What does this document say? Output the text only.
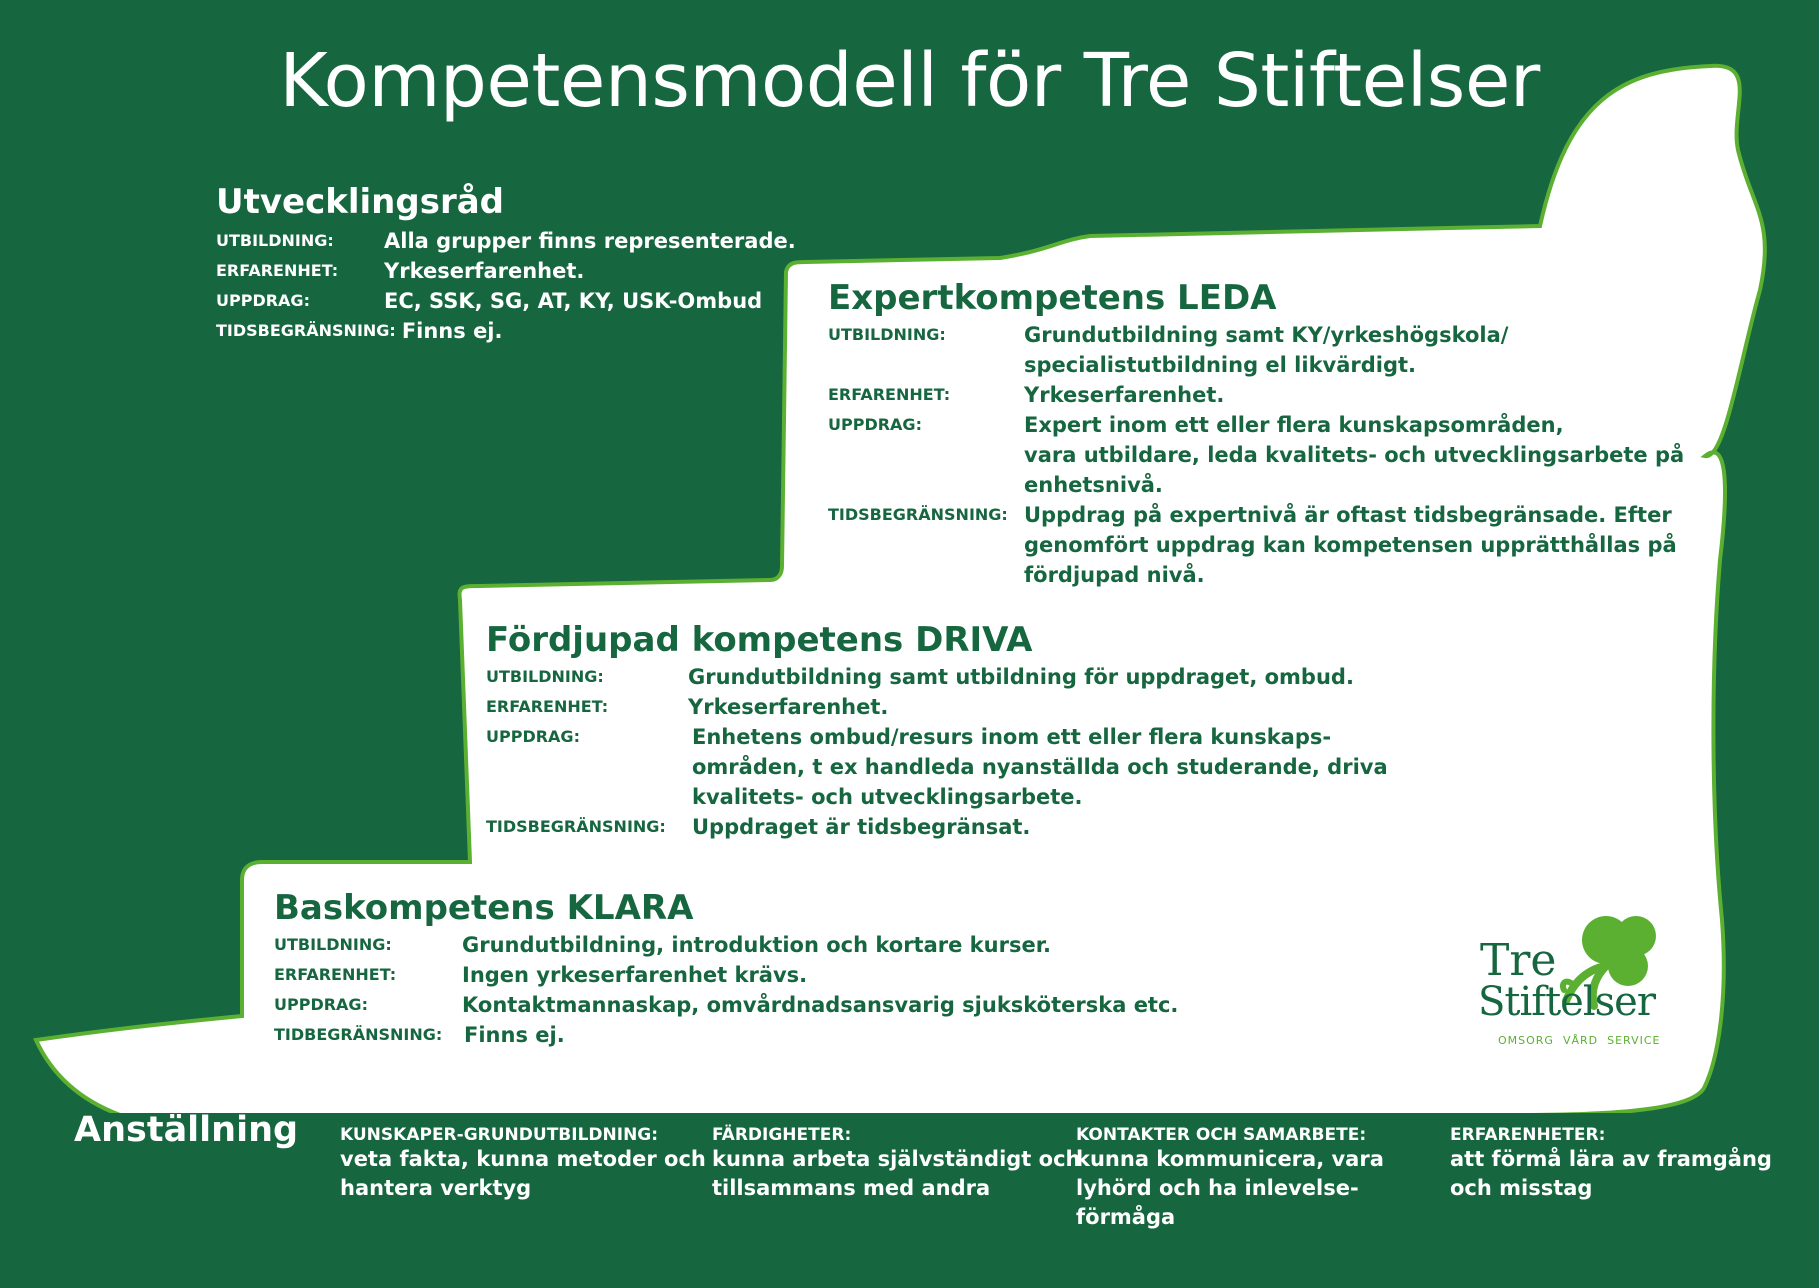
Kompetensmodell för Tre Stiftelser
Utvecklingsråd
UTBILDNING:	Alla grupper finns representerade.
ERFARENHET:	Yrkeserfarenhet.
UPPDRAG:	EC, SSK, SG, AT, KY, USK-Ombud
TIDSBEGRÄNSNING: Finns ej.
Expertkompetens LEDA
UTBILDNING:	Grundutbildning samt KY/yrkeshögskola/
specialistutbildning el likvärdigt.
ERFARENHET:	Yrkeserfarenhet.
UPPDRAG:	Expert inom ett eller flera kunskapsområden,
vara utbildare, leda kvalitets- och utvecklingsarbete på
enhetsnivå.
TIDSBEGRÄNSNING: Uppdrag på expertnivå är oftast tidsbegränsade. Efter
genomfört uppdrag kan kompetensen upprätthållas på
fördjupad nivå.
Fördjupad kompetens DRIVA
UTBILDNING:	Grundutbildning samt utbildning för uppdraget, ombud.
ERFARENHET:	Yrkeserfarenhet.
UPPDRAG:	Enhetens ombud/resurs inom ett eller flera kunskaps-
områden, t ex handleda nyanställda och studerande, driva
kvalitets- och utvecklingsarbete.
TIDSBEGRÄNSNING:	Uppdraget är tidsbegränsat.
Baskompetens KLARA
UTBILDNING:	Grundutbildning, introduktion och kortare kurser.
ERFARENHET:	Ingen yrkeserfarenhet krävs.
UPPDRAG:	Kontaktmannaskap, omvårdnadsansvarig sjuksköterska etc.
TIDBEGRÄNSNING:	Finns ej.
Tre
Stiftelser
OMSORG  VÅRD  SERVICE
Anställning KUNSKAPER-GRUNDUTBILDNING:
veta fakta, kunna metoder och
hantera verktyg
FÄRDIGHETER:
kunna arbeta självständigt och
tillsammans med andra
KONTAKTER OCH SAMARBETE:
kunna kommunicera, vara
lyhörd och ha inlevelse-
förmåga
ERFARENHETER:
att förmå lära av framgång
och misstag
